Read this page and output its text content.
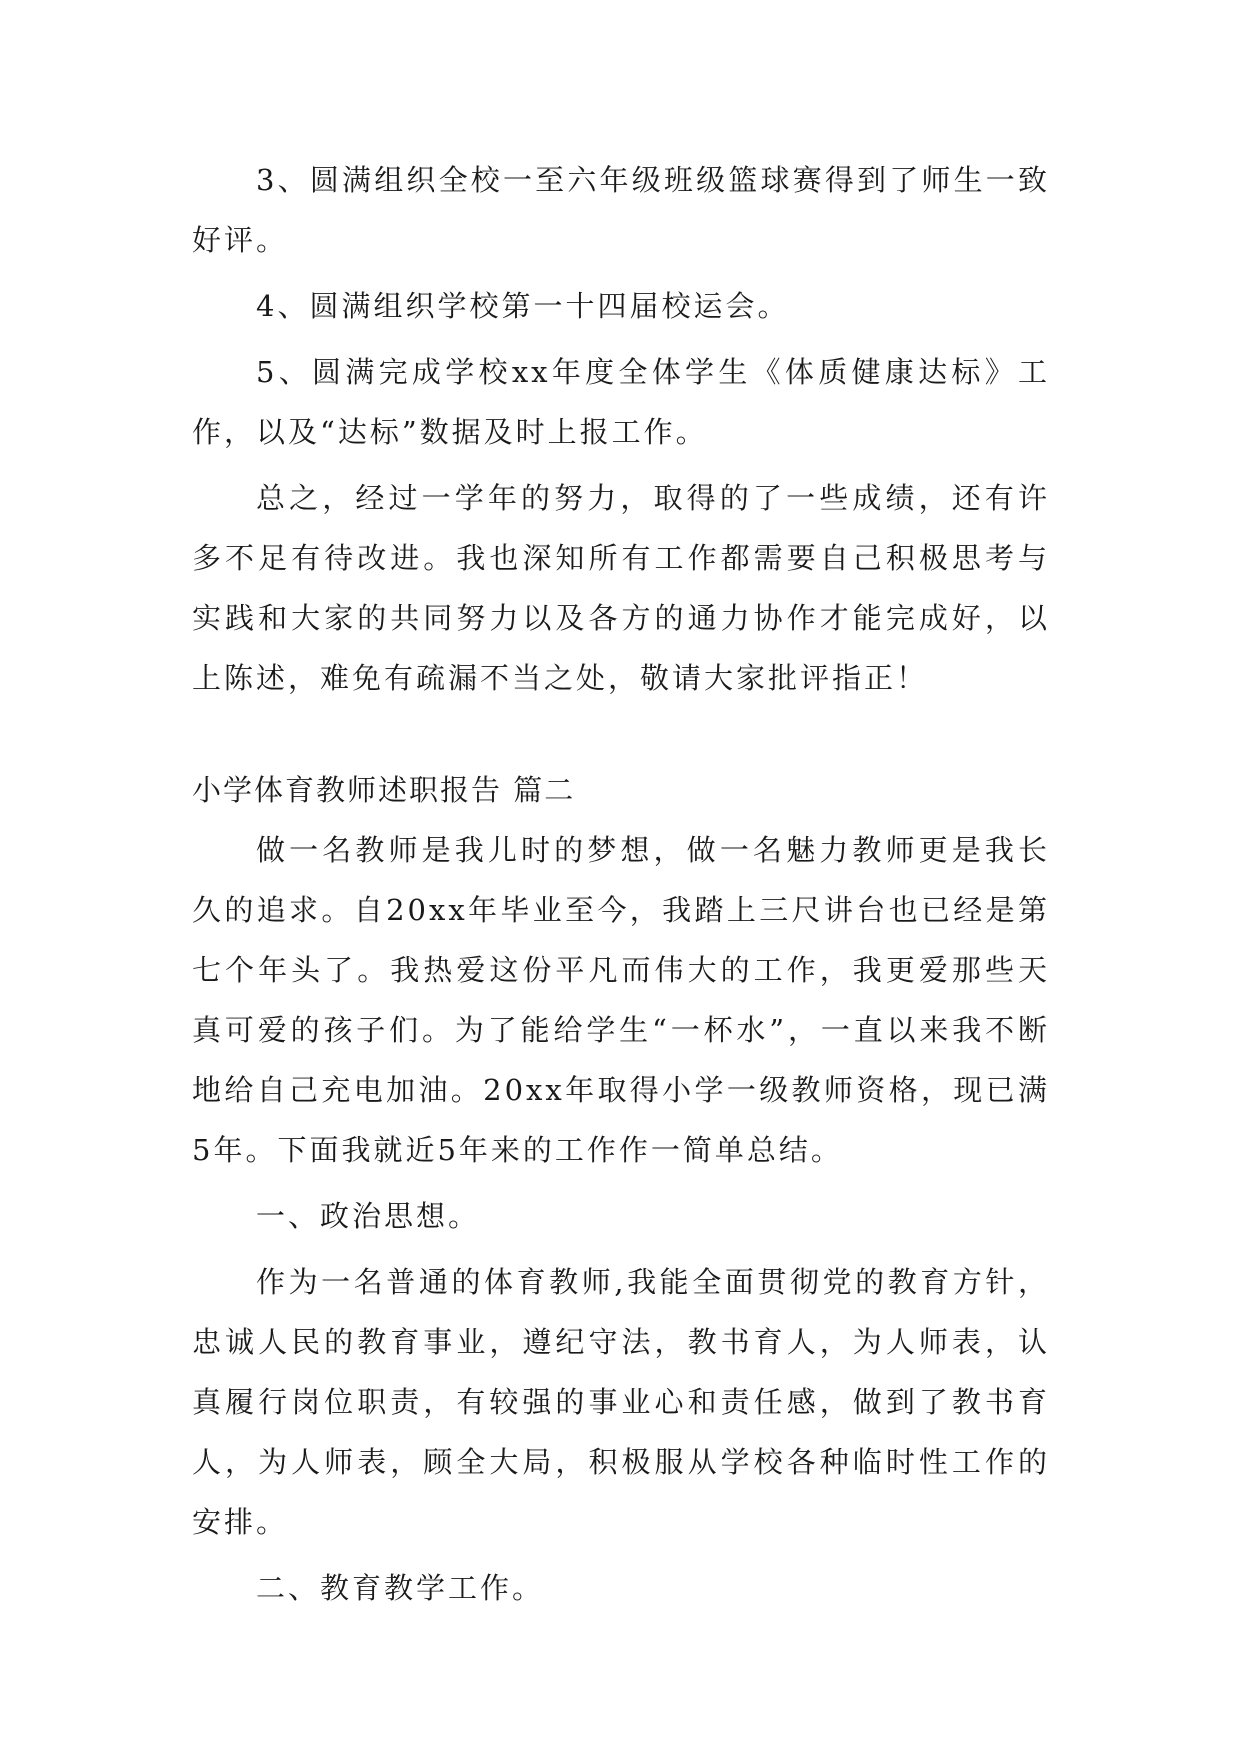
3、圆满组织全校一至六年级班级篮球赛得到了师生一致好评。

4、圆满组织学校第一十四届校运会。

5、圆满完成学校xx年度全体学生《体质健康达标》工作，以及“达标”数据及时上报工作。

总之，经过一学年的努力，取得的了一些成绩，还有许多不足有待改进。我也深知所有工作都需要自己积极思考与实践和大家的共同努力以及各方的通力协作才能完成好，以上陈述，难免有疏漏不当之处，敬请大家批评指正！

小学体育教师述职报告 篇二

做一名教师是我儿时的梦想，做一名魅力教师更是我长久的追求。自20xx年毕业至今，我踏上三尺讲台也已经是第七个年头了。我热爱这份平凡而伟大的工作，我更爱那些天真可爱的孩子们。为了能给学生“一杯水”，一直以来我不断地给自己充电加油。20xx年取得小学一级教师资格，现已满5年。下面我就近5年来的工作作一简单总结。

一、政治思想。

作为一名普通的体育教师,我能全面贯彻党的教育方针，忠诚人民的教育事业，遵纪守法，教书育人，为人师表，认真履行岗位职责，有较强的事业心和责任感，做到了教书育人，为人师表，顾全大局，积极服从学校各种临时性工作的安排。

二、教育教学工作。
